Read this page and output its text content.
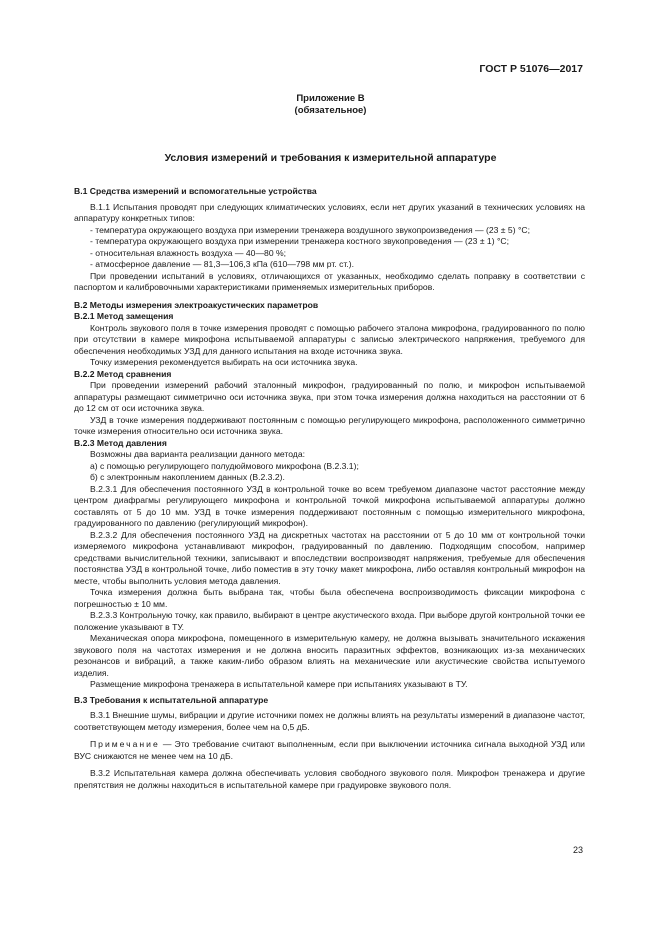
ГОСТ Р 51076—2017
Приложение В
(обязательное)
Условия измерений и требования к измерительной аппаратуре

В.1 Средства измерений и вспомогательные устройства

В.1.1 Испытания проводят при следующих климатических условиях, если нет других указаний в технических условиях на аппаратуру конкретных типов:

- температура окружающего воздуха при измерении тренажера воздушного звукопроизведения — (23 ± 5) °С;

- температура окружающего воздуха при измерении тренажера костного звукопроведения — (23 ± 1) °С;

- относительная влажность воздуха — 40—80 %;

- атмосферное давление — 81,3—106,3 кПа (610—798 мм рт. ст.).

При проведении испытаний в условиях, отличающихся от указанных, необходимо сделать поправку в соответствии с паспортом и калибровочными характеристиками применяемых измерительных приборов.

В.2 Методы измерения электроакустических параметров

В.2.1 Метод замещения

Контроль звукового поля в точке измерения проводят с помощью рабочего эталона микрофона, градуированного по полю при отсутствии в камере микрофона испытываемой аппаратуры с записью электрического напряжения, требуемого для обеспечения необходимых УЗД для данного испытания на входе источника звука.

Точку измерения рекомендуется выбирать на оси источника звука.

В.2.2 Метод сравнения

При проведении измерений рабочий эталонный микрофон, градуированный по полю, и микрофон испытываемой аппаратуры размещают симметрично оси источника звука, при этом точка измерения должна находиться на расстоянии от 6 до 12 см от оси источника звука.

УЗД в точке измерения поддерживают постоянным с помощью регулирующего микрофона, расположенного симметрично точке измерения относительно оси источника звука.

В.2.3 Метод давления

Возможны два варианта реализации данного метода:

а) с помощью регулирующего полудюймового микрофона (В.2.3.1);

б) с электронным накоплением данных (В.2.3.2).

В.2.3.1 Для обеспечения постоянного УЗД в контрольной точке во всем требуемом диапазоне частот расстояние между центром диафрагмы регулирующего микрофона и контрольной точкой микрофона испытываемой аппаратуры должно составлять от 5 до 10 мм. УЗД в точке измерения поддерживают постоянным с помощью измерительного микрофона, градуированного по давлению (регулирующий микрофон).

В.2.3.2 Для обеспечения постоянного УЗД на дискретных частотах на расстоянии от 5 до 10 мм от контрольной точки измеряемого микрофона устанавливают микрофон, градуированный по давлению. Подходящим способом, например средствами вычислительной техники, записывают и впоследствии воспроизводят напряжения, требуемые для обеспечения постоянства УЗД в контрольной точке, либо поместив в эту точку макет микрофона, либо оставляя контрольный микрофон на месте, чтобы выполнить условия метода давления.

Точка измерения должна быть выбрана так, чтобы была обеспечена воспроизводимость фиксации микрофона с погрешностью ± 10 мм.

В.2.3.3 Контрольную точку, как правило, выбирают в центре акустического входа. При выборе другой контрольной точки ее положение указывают в ТУ.

Механическая опора микрофона, помещенного в измерительную камеру, не должна вызывать значительного искажения звукового поля на частотах измерения и не должна вносить паразитных эффектов, возникающих из-за механических резонансов и вибраций, а также каким-либо образом влиять на механические или акустические свойства испытуемого изделия.

Размещение микрофона тренажера в испытательной камере при испытаниях указывают в ТУ.

В.3 Требования к испытательной аппаратуре

В.3.1 Внешние шумы, вибрации и другие источники помех не должны влиять на результаты измерений в диапазоне частот, соответствующем методу измерения, более чем на 0,5 дБ.

Примечание — Это требование считают выполненным, если при выключении источника сигнала выходной УЗД или ВУС снижаются не менее чем на 10 дБ.

В.3.2 Испытательная камера должна обеспечивать условия свободного звукового поля. Микрофон тренажера и другие препятствия не должны находиться в испытательной камере при градуировке звукового поля.

23
